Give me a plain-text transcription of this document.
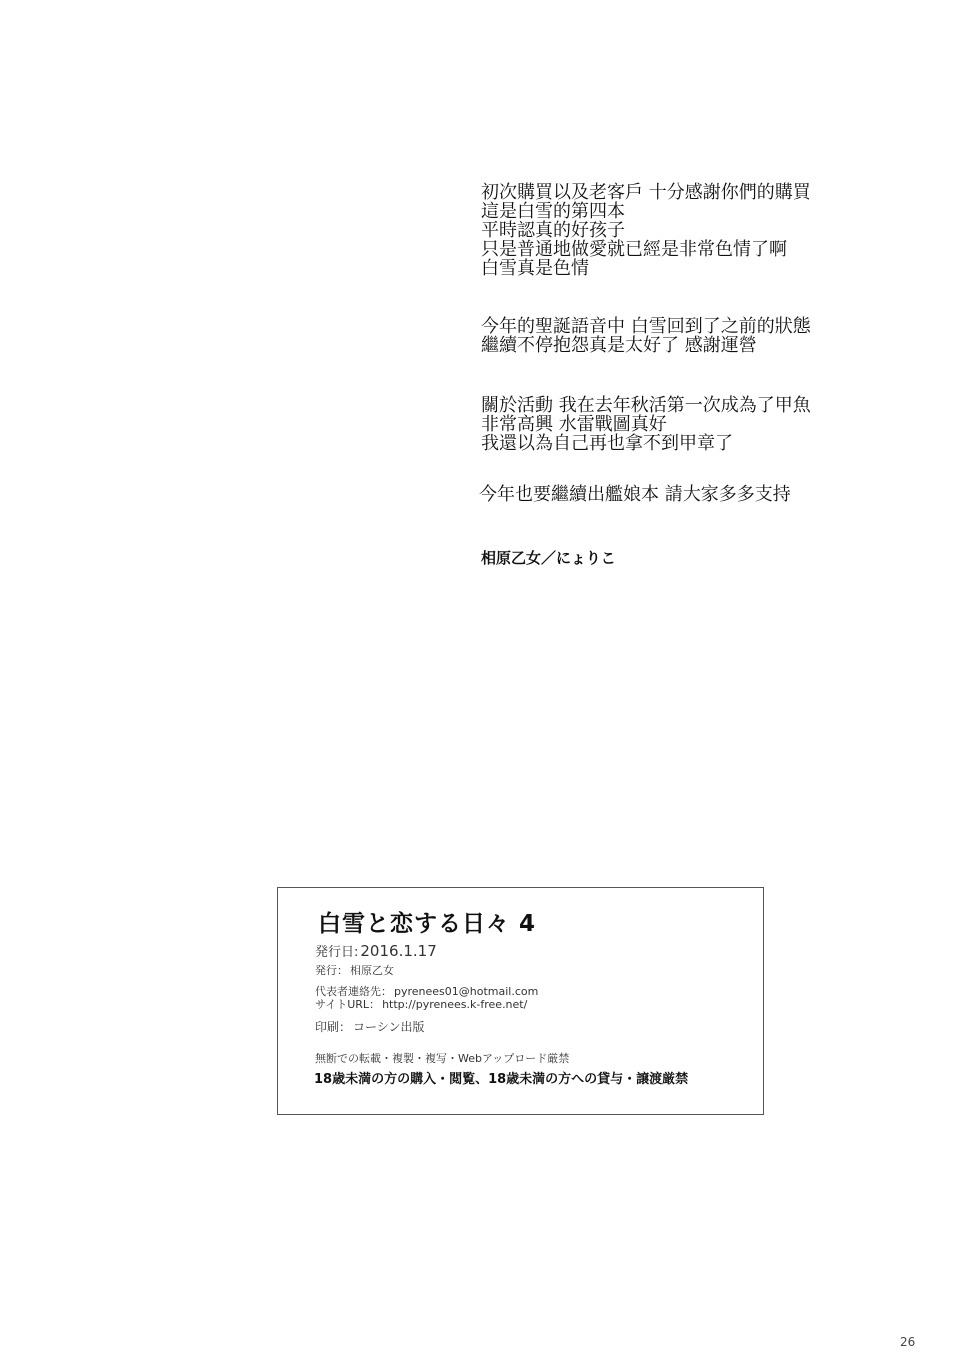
初次購買以及老客戶 十分感謝你們的購買
這是白雪的第四本
平時認真的好孩子
只是普通地做愛就已經是非常色情了啊
白雪真是色情
今年的聖誕語音中 白雪回到了之前的狀態
繼續不停抱怨真是太好了 感謝運營
關於活動 我在去年秋活第一次成為了甲魚
非常高興 水雷戰圖真好
我還以為自己再也拿不到甲章了
今年也要繼續出艦娘本 請大家多多支持
相原乙女／にょりこ
白雪と恋する日々 4
発行日: 2016.1.17
発行： 相原乙女
代表者連絡先： pyrenees01@hotmail.com
サイトURL： http://pyrenees.k-free.net/
印刷： コーシン出版
無断での転載・複製・複写・Webアップロード厳禁
18歳未満の方の購入・閲覧、18歳未満の方への貸与・譲渡厳禁
26
